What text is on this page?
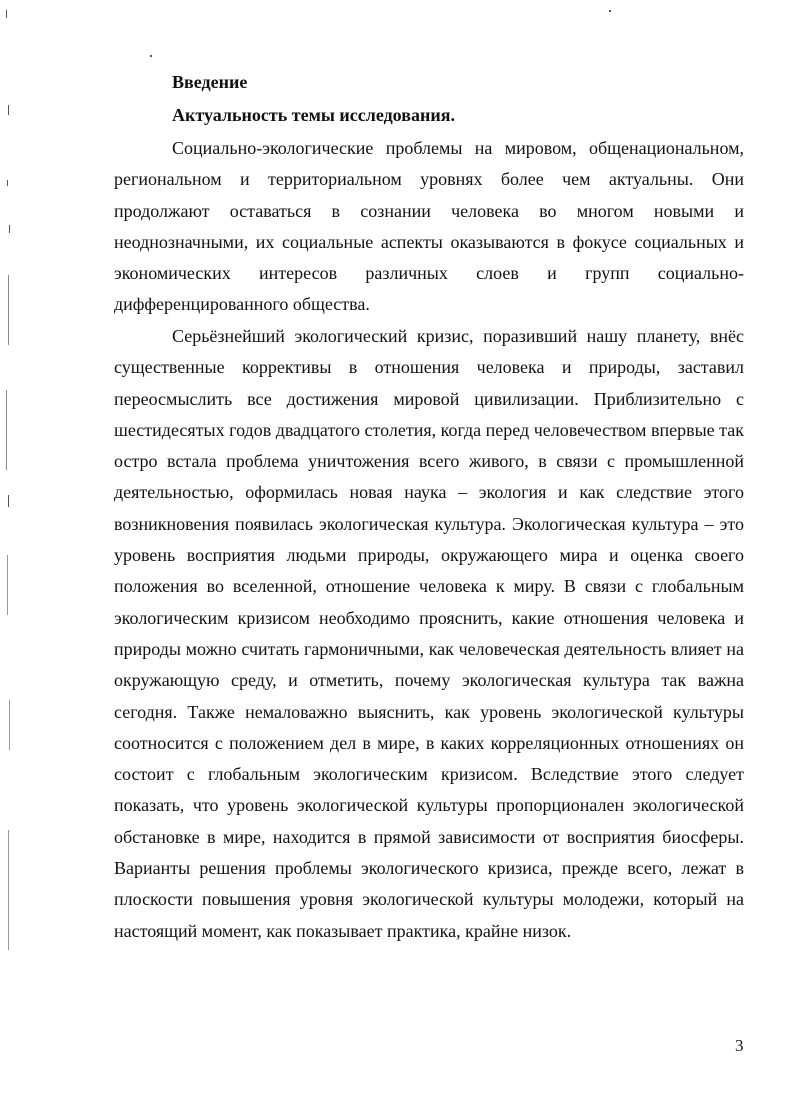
Введение
Актуальность темы исследования.

Социально-экологические проблемы на мировом, общенациональном, региональном и территориальном уровнях более чем актуальны. Они продолжают оставаться в сознании человека во многом новыми и неоднозначными, их социальные аспекты оказываются в фокусе социальных и экономических интересов различных слоев и групп социально-дифференцированного общества.

Серьёзнейший экологический кризис, поразивший нашу планету, внёс существенные коррективы в отношения человека и природы, заставил переосмыслить все достижения мировой цивилизации. Приблизительно с шестидесятых годов двадцатого столетия, когда перед человечеством впервые так остро встала проблема уничтожения всего живого, в связи с промышленной деятельностью, оформилась новая наука – экология и как следствие этого возникновения появилась экологическая культура. Экологическая культура – это уровень восприятия людьми природы, окружающего мира и оценка своего положения во вселенной, отношение человека к миру. В связи с глобальным экологическим кризисом необходимо прояснить, какие отношения человека и природы можно считать гармоничными, как человеческая деятельность влияет на окружающую среду, и отметить, почему экологическая культура так важна сегодня. Также немаловажно выяснить, как уровень экологической культуры соотносится с положением дел в мире, в каких корреляционных отношениях он состоит с глобальным экологическим кризисом. Вследствие этого следует показать, что уровень экологической культуры пропорционален экологической обстановке в мире, находится в прямой зависимости от восприятия биосферы. Варианты решения проблемы экологического кризиса, прежде всего, лежат в плоскости повышения уровня экологической культуры молодежи, который на настоящий момент, как показывает практика, крайне низок.

3
